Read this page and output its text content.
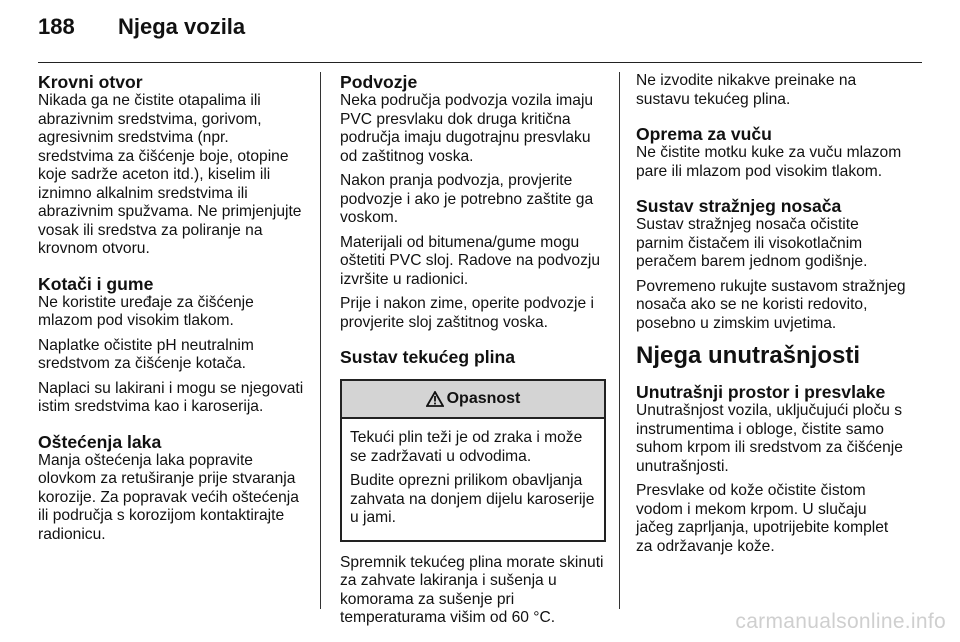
188	Njega vozila
Krovni otvor

Nikada ga ne čistite otapalima ili abrazivnim sredstvima, gorivom, agresivnim sredstvima (npr. sredstvima za čišćenje boje, otopine koje sadrže aceton itd.), kiselim ili iznimno alkalnim sredstvima ili abrazivnim spužvama. Ne primjenjujte vosak ili sredstva za poliranje na krovnom otvoru.

Kotači i gume

Ne koristite uređaje za čišćenje mlazom pod visokim tlakom.

Naplatke očistite pH neutralnim sredstvom za čišćenje kotača.

Naplaci su lakirani i mogu se njegovati istim sredstvima kao i karoserija.

Oštećenja laka

Manja oštećenja laka popravite olovkom za retuširanje prije stvaranja korozije. Za popravak većih oštećenja ili područja s korozijom kontaktirajte radionicu.

Podvozje

Neka područja podvozja vozila imaju PVC presvlaku dok druga kritična područja imaju dugotrajnu presvlaku od zaštitnog voska.

Nakon pranja podvozja, provjerite podvozje i ako je potrebno zaštite ga voskom.

Materijali od bitumena/gume mogu oštetiti PVC sloj. Radove na podvozju izvršite u radionici.

Prije i nakon zime, operite podvozje i provjerite sloj zaštitnog voska.

Sustav tekućeg plina
Opasnost

Tekući plin teži je od zraka i može se zadržavati u odvodima.

Budite oprezni prilikom obavljanja zahvata na donjem dijelu karoserije u jami.

Spremnik tekućeg plina morate skinuti za zahvate lakiranja i sušenja u komorama za sušenje pri temperaturama višim od 60 °C.

Ne izvodite nikakve preinake na sustavu tekućeg plina.

Oprema za vuču

Ne čistite motku kuke za vuču mlazom pare ili mlazom pod visokim tlakom.

Sustav stražnjeg nosača

Sustav stražnjeg nosača očistite parnim čistačem ili visokotlačnim peračem barem jednom godišnje.

Povremeno rukujte sustavom stražnjeg nosača ako se ne koristi redovito, posebno u zimskim uvjetima.

Njega unutrašnjosti
Unutrašnji prostor i presvlake

Unutrašnjost vozila, uključujući ploču s instrumentima i obloge, čistite samo suhom krpom ili sredstvom za čišćenje unutrašnjosti.

Presvlake od kože očistite čistom vodom i mekom krpom. U slučaju jačeg zaprljanja, upotrijebite komplet za održavanje kože.

carmanualsonline.info
